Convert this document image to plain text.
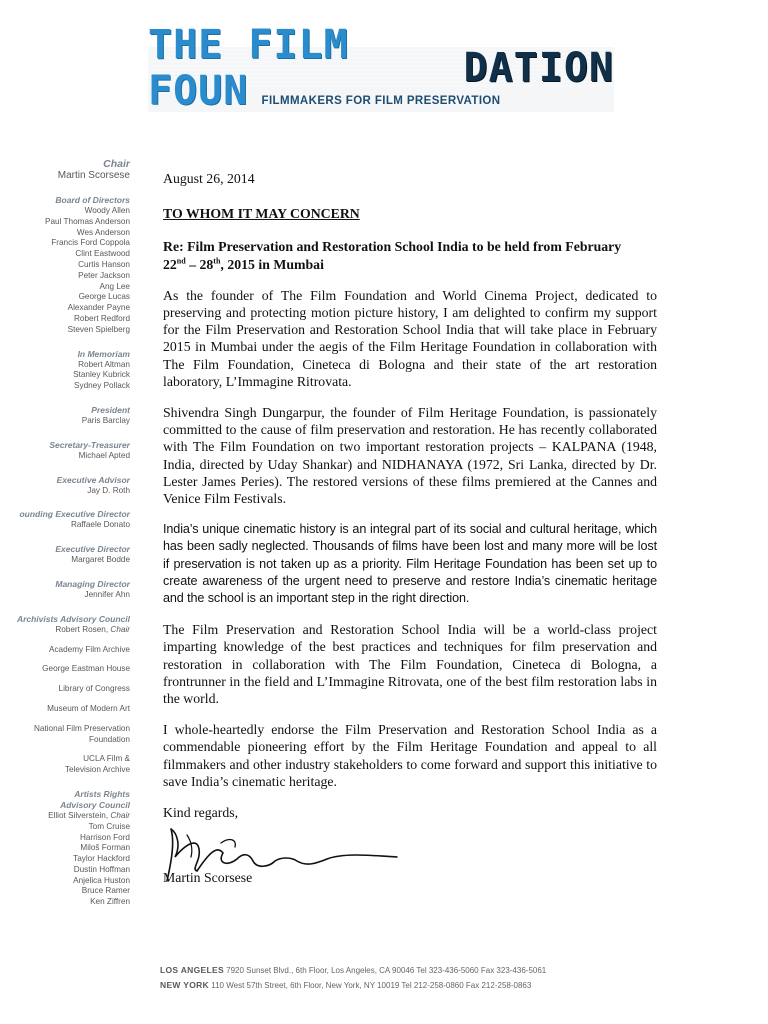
THE FILM FOUN	DATION
FILMMAKERS FOR FILM PRESERVATION
Chair
Martin Scorsese
Board of Directors
Woody Allen
Paul Thomas Anderson
Wes Anderson
Francis Ford Coppola
Clint Eastwood
Curtis Hanson
Peter Jackson
Ang Lee
George Lucas
Alexander Payne
Robert Redford
Steven Spielberg
In Memoriam
Robert Altman
Stanley Kubrick
Sydney Pollack
President
Paris Barclay
Secretary-Treasurer
Michael Apted
Executive Advisor
Jay D. Roth
ounding Executive Director
Raffaele Donato
Executive Director
Margaret Bodde
Managing Director
Jennifer Ahn
Archivists Advisory Council
Robert Rosen, Chair
Academy Film Archive
George Eastman House
Library of Congress
Museum of Modern Art
National Film Preservation
Foundation
UCLA Film &
Television Archive
Artists Rights
Advisory Council
Elliot Silverstein, Chair
Tom Cruise
Harrison Ford
Miloš Forman
Taylor Hackford
Dustin Hoffman
Anjelica Huston
Bruce Ramer
Ken Ziffren

August 26, 2014

TO WHOM IT MAY CONCERN

Re: Film Preservation and Restoration School India to be held from February
22nd – 28th, 2015 in Mumbai

As the founder of The Film Foundation and World Cinema Project, dedicated to preserving and protecting motion picture history, I am delighted to confirm my support for the Film Preservation and Restoration School India that will take place in February 2015 in Mumbai under the aegis of the Film Heritage Foundation in collaboration with The Film Foundation, Cineteca di Bologna and their state of the art restoration laboratory, L’Immagine Ritrovata.

Shivendra Singh Dungarpur, the founder of Film Heritage Foundation, is passionately committed to the cause of film preservation and restoration. He has recently collaborated with The Film Foundation on two important restoration projects – KALPANA (1948, India, directed by Uday Shankar) and NIDHANAYA (1972, Sri Lanka, directed by Dr. Lester James Peries). The restored versions of these films premiered at the Cannes and Venice Film Festivals.

India’s unique cinematic history is an integral part of its social and cultural heritage, which has been sadly neglected. Thousands of films have been lost and many more will be lost if preservation is not taken up as a priority. Film Heritage Foundation has been set up to create awareness of the urgent need to preserve and restore India’s cinematic heritage and the school is an important step in the right direction.

The Film Preservation and Restoration School India will be a world-class project imparting knowledge of the best practices and techniques for film preservation and restoration in collaboration with The Film Foundation, Cineteca di Bologna, a frontrunner in the field and L’Immagine Ritrovata, one of the best film restoration labs in the world.

I whole-heartedly endorse the Film Preservation and Restoration School India as a commendable pioneering effort by the Film Heritage Foundation and appeal to all filmmakers and other industry stakeholders to come forward and support this initiative to save India’s cinematic heritage.

Kind regards,

Martin Scorsese
LOS ANGELES 7920 Sunset Blvd., 6th Floor, Los Angeles, CA 90046 Tel 323-436-5060 Fax 323-436-5061
NEW YORK 110 West 57th Street, 6th Floor, New York, NY 10019 Tel 212-258-0860 Fax 212-258-0863
